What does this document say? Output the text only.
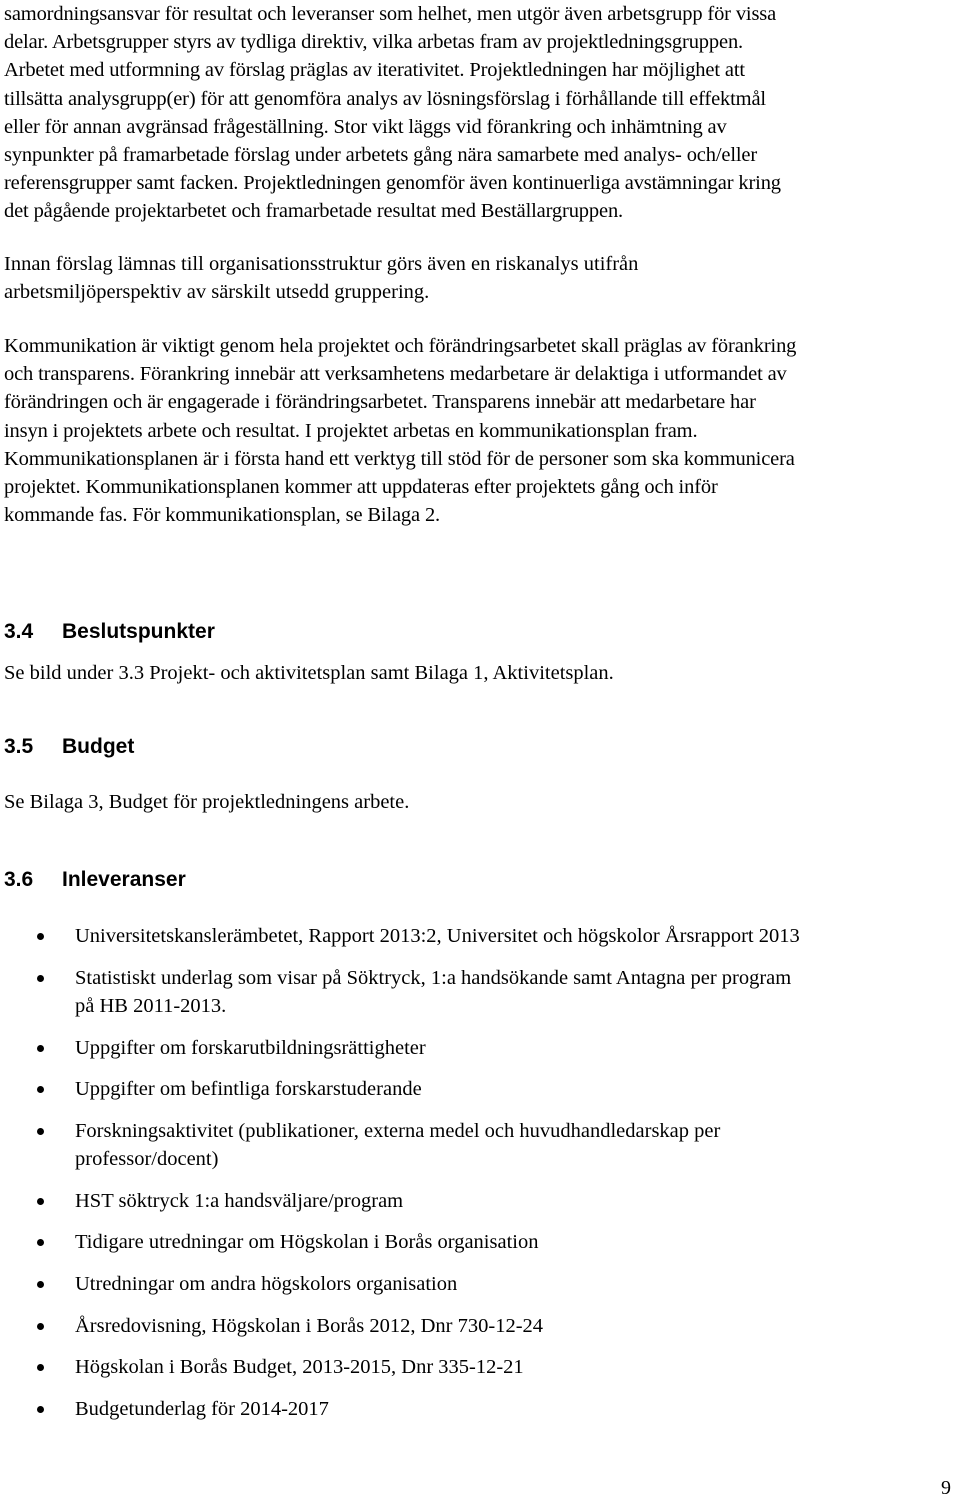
samordningsansvar för resultat och leveranser som helhet, men utgör även arbetsgrupp för vissa
delar. Arbetsgrupper styrs av tydliga direktiv, vilka arbetas fram av projektledningsgruppen.
Arbetet med utformning av förslag präglas av iterativitet. Projektledningen har möjlighet att
tillsätta analysgrupp(er) för att genomföra analys av lösningsförslag i förhållande till effektmål
eller för annan avgränsad frågeställning. Stor vikt läggs vid förankring och inhämtning av
synpunkter på framarbetade förslag under arbetets gång nära samarbete med analys- och/eller
referensgrupper samt facken. Projektledningen genomför även kontinuerliga avstämningar kring
det pågående projektarbetet och framarbetade resultat med Beställargruppen.
Innan förslag lämnas till organisationsstruktur görs även en riskanalys utifrån
arbetsmiljöperspektiv av särskilt utsedd gruppering.
Kommunikation är viktigt genom hela projektet och förändringsarbetet skall präglas av förankring
och transparens. Förankring innebär att verksamhetens medarbetare är delaktiga i utformandet av
förändringen och är engagerade i förändringsarbetet. Transparens innebär att medarbetare har
insyn i projektets arbete och resultat. I projektet arbetas en kommunikationsplan fram.
Kommunikationsplanen är i första hand ett verktyg till stöd för de personer som ska kommunicera
projektet. Kommunikationsplanen kommer att uppdateras efter projektets gång och inför
kommande fas. För kommunikationsplan, se Bilaga 2.
3.4 Beslutspunkter

Se bild under 3.3 Projekt- och aktivitetsplan samt Bilaga 1, Aktivitetsplan.

3.5 Budget

Se Bilaga 3, Budget för projektledningens arbete.

3.6 Inleveranser
Universitetskanslerämbetet, Rapport 2013:2, Universitet och högskolor Årsrapport 2013
Statistiskt underlag som visar på Söktryck, 1:a handsökande samt Antagna per program
på HB 2011-2013.
Uppgifter om forskarutbildningsrättigheter
Uppgifter om befintliga forskarstuderande
Forskningsaktivitet (publikationer, externa medel och huvudhandledarskap per
professor/docent)
HST söktryck 1:a handsväljare/program
Tidigare utredningar om Högskolan i Borås organisation
Utredningar om andra högskolors organisation
Årsredovisning, Högskolan i Borås 2012, Dnr 730-12-24
Högskolan i Borås Budget, 2013-2015, Dnr 335-12-21
Budgetunderlag för 2014-2017

9
